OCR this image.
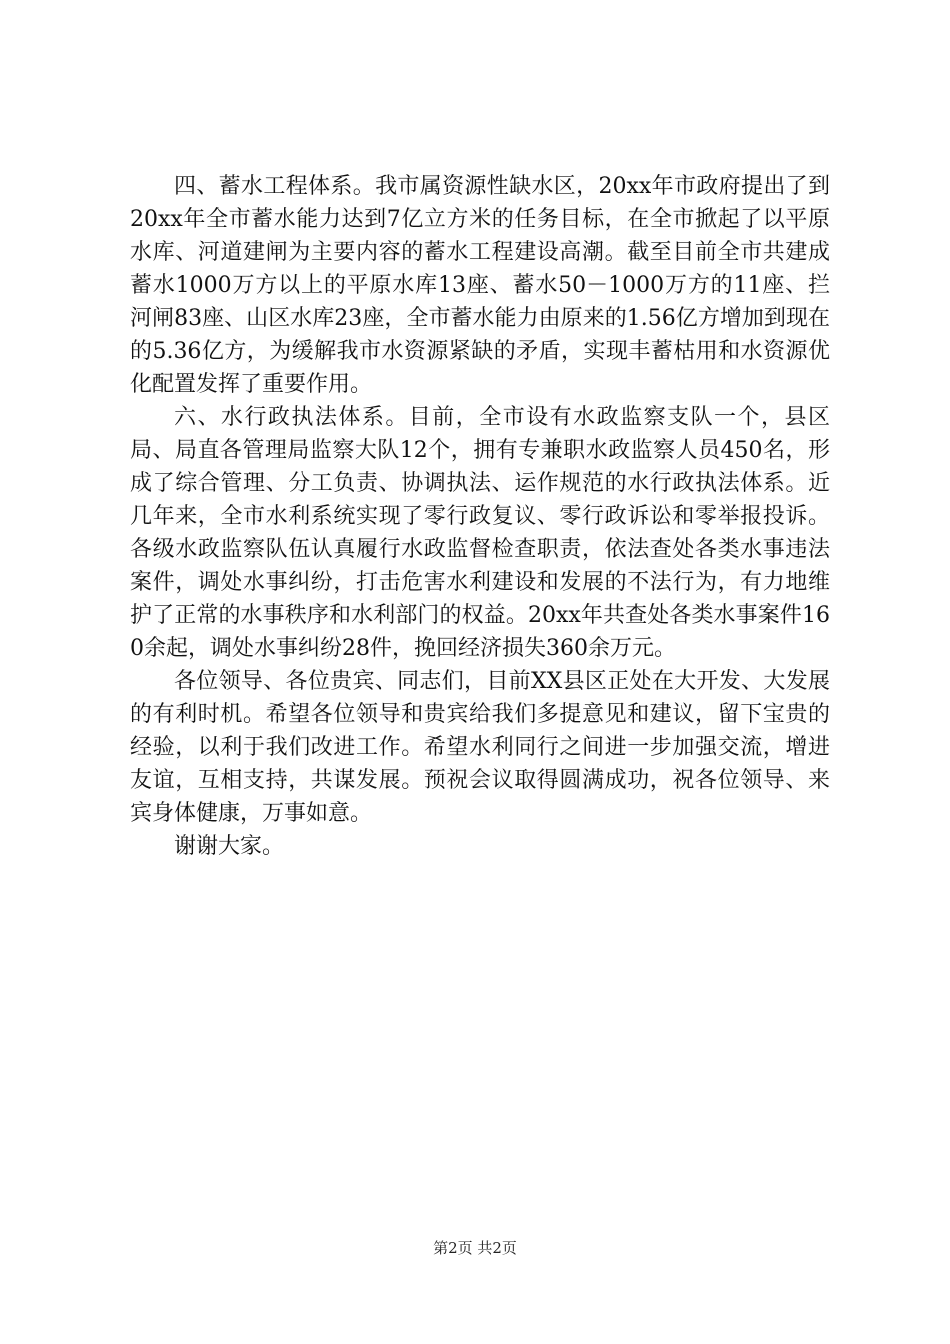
四、蓄水工程体系。我市属资源性缺水区，20xx年市政府提出了到20xx年全市蓄水能力达到7亿立方米的任务目标，在全市掀起了以平原水库、河道建闸为主要内容的蓄水工程建设高潮。截至目前全市共建成蓄水1000万方以上的平原水库13座、蓄水50－1000万方的11座、拦河闸83座、山区水库23座，全市蓄水能力由原来的1.56亿方增加到现在的5.36亿方，为缓解我市水资源紧缺的矛盾，实现丰蓄枯用和水资源优化配置发挥了重要作用。

六、水行政执法体系。目前，全市设有水政监察支队一个，县区局、局直各管理局监察大队12个，拥有专兼职水政监察人员450名，形成了综合管理、分工负责、协调执法、运作规范的水行政执法体系。近几年来，全市水利系统实现了零行政复议、零行政诉讼和零举报投诉。各级水政监察队伍认真履行水政监督检查职责，依法查处各类水事违法案件，调处水事纠纷，打击危害水利建设和发展的不法行为，有力地维护了正常的水事秩序和水利部门的权益。20xx年共查处各类水事案件160余起，调处水事纠纷28件，挽回经济损失360余万元。

各位领导、各位贵宾、同志们，目前XX县区正处在大开发、大发展的有利时机。希望各位领导和贵宾给我们多提意见和建议，留下宝贵的经验，以利于我们改进工作。希望水利同行之间进一步加强交流，增进友谊，互相支持，共谋发展。预祝会议取得圆满成功，祝各位领导、来宾身体健康，万事如意。

谢谢大家。

第2页 共2页
